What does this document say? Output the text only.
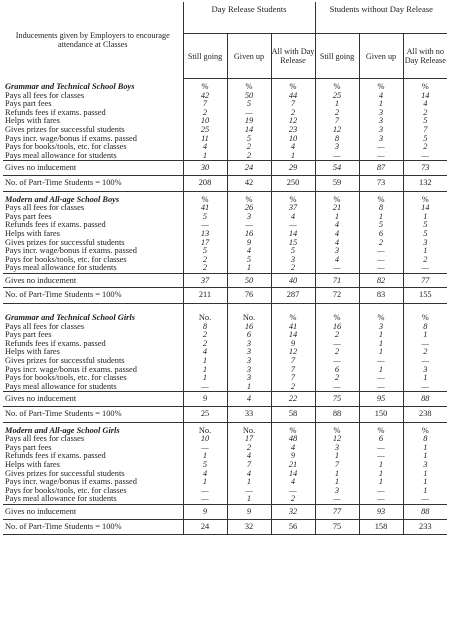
Inducements given by Employers to encourage attendance at Classes	Day Release Students			Students without Day Release		
	Still going	Given up	All with Day Release	Still going	Given up	All with no Day Release
Grammar and Technical School Boys	%	%	%	%	%	%
Pays all fees for classes	42	50	44	25	4	14
Pays part fees	7	5	7	1	1	4
Refunds fees if exams. passed	2	—	2	2	3	2
Helps with fares	10	19	12	7	3	5
Gives prizes for successful students	25	14	23	12	3	7
Pays incr. wage/bonus if exams. passed	11	5	10	8	3	5
Pays for books/tools, etc. for classes	4	2	4	3	—	2
Pays meal allowance for students	1	2	1	—	—	—
Gives no inducement	30	24	29	54	87	73
No. of Part-Time Students = 100%	208	42	250	59	73	132
Modern and All-age School Boys	%	%	%	%	%	%
Pays all fees for classes	41	26	37	21	8	14
Pays part fees	5	3	4	1	1	1
Refunds fees if exams. passed	—	—	—	4	5	5
Helps with fares	13	16	14	4	6	5
Gives prizes for successful students	17	9	15	4	2	3
Pays incr. wage/bonus if exams. passed	5	4	5	3	—	1
Pays for books/tools, etc. for classes	2	5	3	4	—	2
Pays meal allowance for students	2	1	2	—	—	—
Gives no inducement	37	50	40	71	82	77
No. of Part-Time Students = 100%	211	76	287	72	83	155

Grammar and Technical School Girls	No.	No.	%	%	%	%
Pays all fees for classes	8	16	41	16	3	8
Pays part fees	2	6	14	2	1	1
Refunds fees if exams. passed	2	3	9	—	1	—
Helps with fares	4	3	12	2	1	2
Gives prizes for successful students	1	3	7	—	—	—
Pays incr. wage/bonus if exams. passed	1	3	7	6	1	3
Pays for books/tools, etc. for classes	1	3	7	2	—	1
Pays meal allowance for students	—	1	2	—	—	—
Gives no inducement	9	4	22	75	95	88
No. of Part-Time Students = 100%	25	33	58	88	150	238
Modern and All-age School Girls	No.	No.	%	%	%	%
Pays all fees for classes	10	17	48	12	6	8
Pays part fees	—	2	4	3	—	1
Refunds fees if exams. passed	1	4	9	1	—	1
Helps with fares	5	7	21	7	1	3
Gives prizes for successful students	4	4	14	1	1	1
Pays incr. wage/bonus if exams. passed	1	1	4	1	1	1
Pays for books/tools, etc. for classes	—	—	—	3	—	1
Pays meal allowance for students	—	1	2	—	—	—
Gives no inducement	9	9	32	77	93	88
No. of Part-Time Students = 100%	24	32	56	75	158	233
